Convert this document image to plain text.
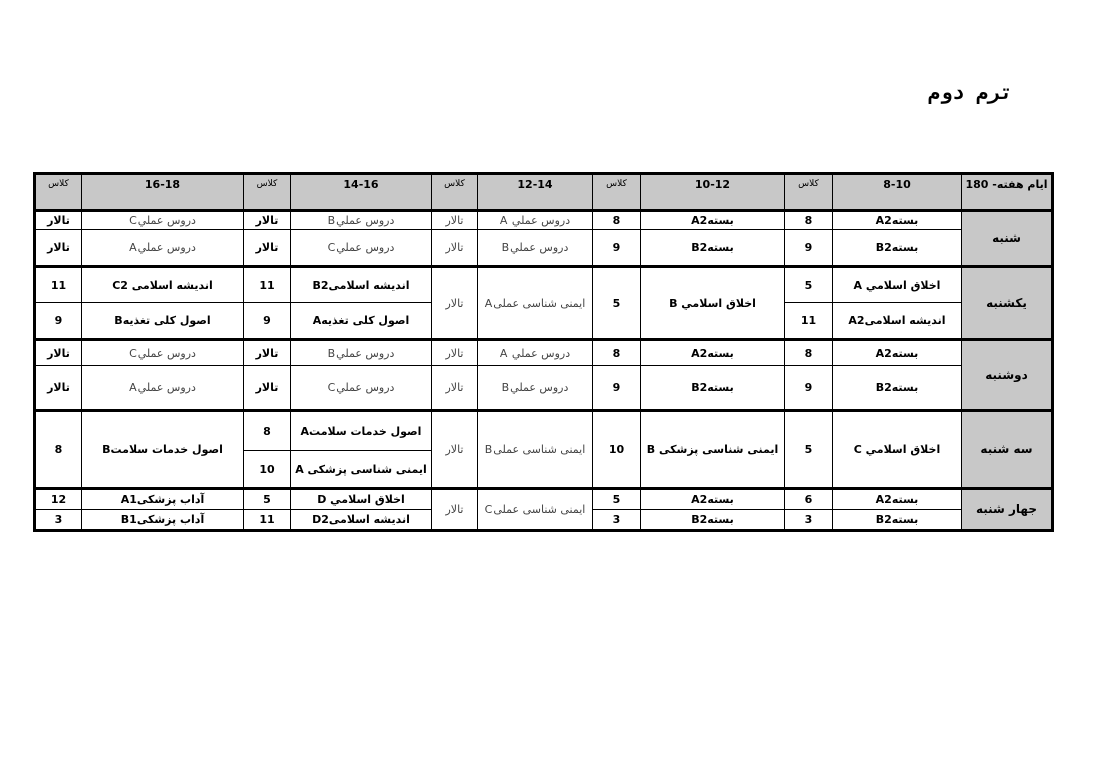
ترم دوم
ایام هفته- 180	8-10	كلاس	10-12	كلاس	12-14	كلاس	14-16	كلاس	16-18	كلاس
شنبه	بستهA2	8	بستهA2	8	دروس عملي A	تالار	دروس عمليB	تالار	دروس عمليC	تالار
	بستهB2	9	بستهB2	9	دروس عمليB	تالار	دروس عمليC	تالار	دروس عمليA	تالار
یکشنبه	اخلاق اسلامي A	5	اخلاق اسلامي B	5	ایمنی شناسی عملیA	تالار	اندیشه اسلامیB2	11	اندیشه اسلامی C2	11
	اندیشه اسلامیA2	11					اصول کلی تغذیهA	9	اصول کلی تغذیهB	9
دوشنبه	بستهA2	8	بستهA2	8	دروس عملي A	تالار	دروس عمليB	تالار	دروس عمليC	تالار
	بستهB2	9	بستهB2	9	دروس عمليB	تالار	دروس عمليC	تالار	دروس عمليA	تالار
سه شنبه	اخلاق اسلامي C	5	ایمنی شناسی پزشکی B	10	ایمنی شناسی عملیB	تالار	اصول خدمات سلامتA	8	اصول خدمات سلامتB	8
							ایمنی شناسی پزشکی A	10		
جهار شنبه	بستهA2	6	بستهA2	5	ایمنی شناسی عملیC	تالار	اخلاق اسلامي D	5	آداب پزشکیA1	12
	بستهB2	3	بستهB2	3			اندیشه اسلامیD2	11	آداب پزشکیB1	3
